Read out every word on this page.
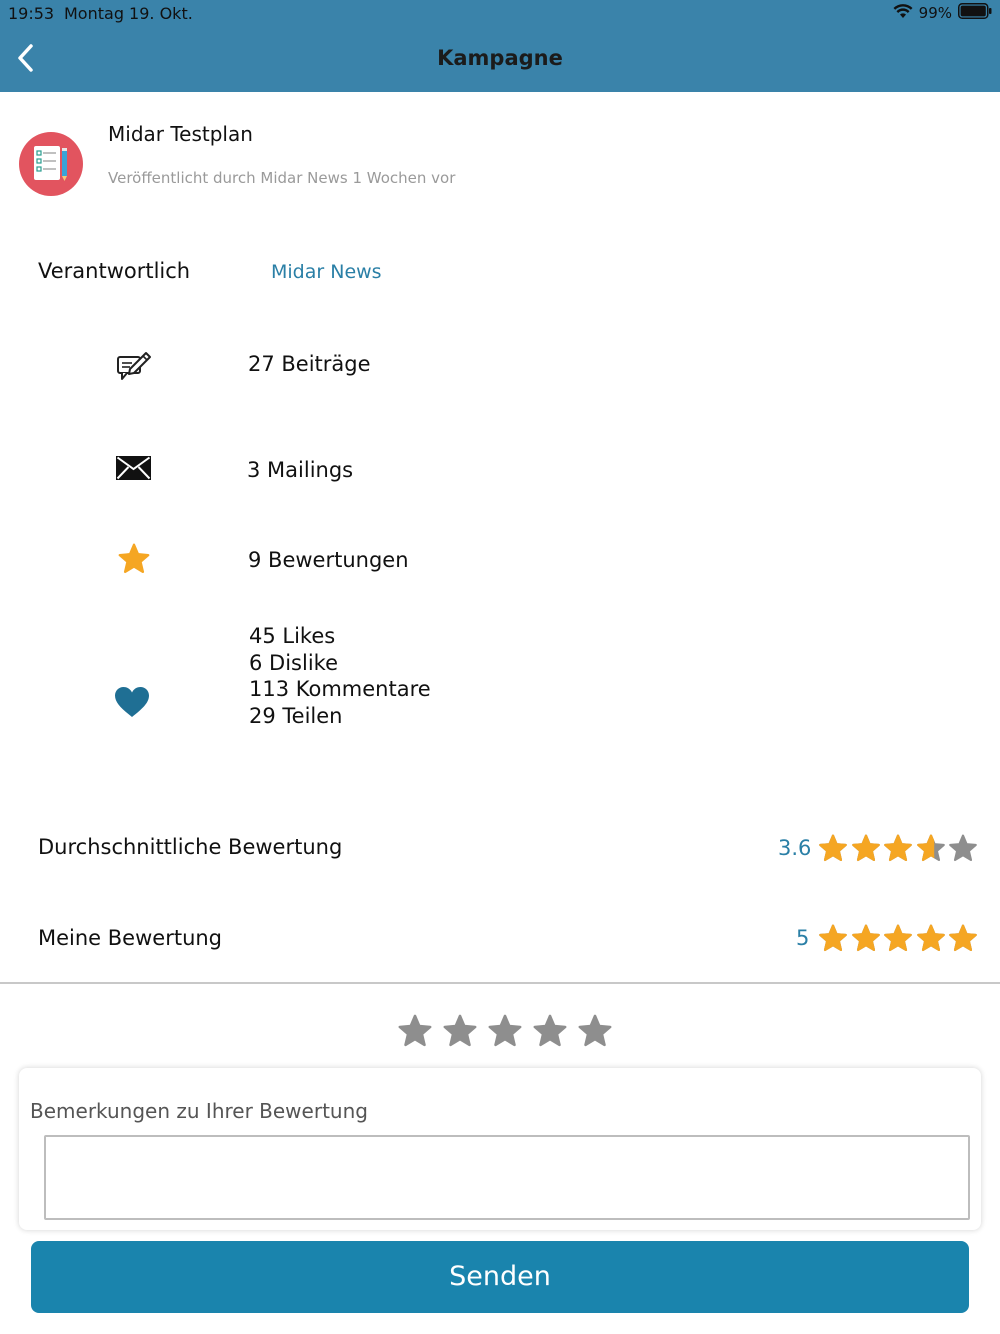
19:53 Montag 19. Okt.	99%
Kampagne
Midar Testplan
Veröffentlicht durch Midar News 1 Wochen vor
Verantwortlich	Midar News
27 Beiträge
3 Mailings
9 Bewertungen
45 Likes
6 Dislike
113 Kommentare
29 Teilen
Durchschnittliche Bewertung	3.6
Meine Bewertung	5
Bemerkungen zu Ihrer Bewertung
Senden
